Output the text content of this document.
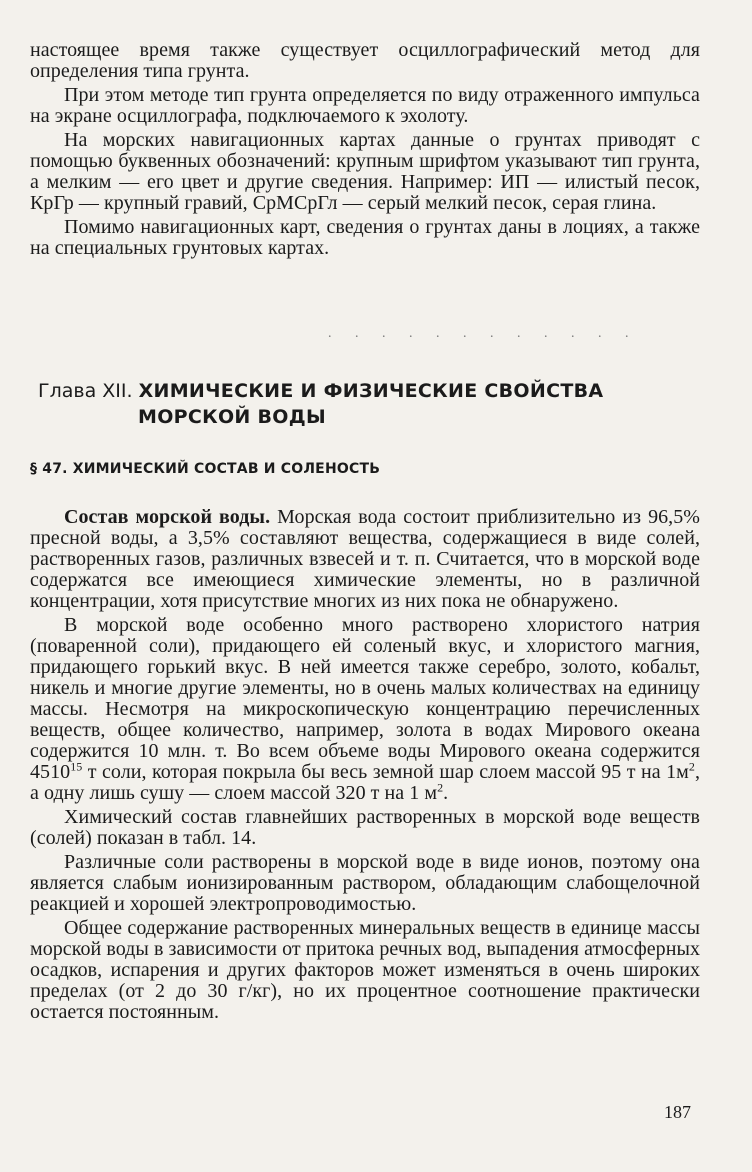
настоящее время также существует осциллографический метод для определения типа грунта.

При этом методе тип грунта определяется по виду отраженного импульса на экране осциллографа, подключаемого к эхолоту.

На морских навигационных картах данные о грунтах приводят с помощью буквенных обозначений: крупным шрифтом указывают тип грунта, а мелким — его цвет и другие сведения. Например: ИП — илистый песок, КрГр — крупный гравий, СрМСрГл — серый мелкий песок, серая глина.

Помимо навигационных карт, сведения о грунтах даны в лоциях, а также на специальных грунтовых картах.

. . . . . . . . . . . .
Глава XII. ХИМИЧЕСКИЕ И ФИЗИЧЕСКИЕ СВОЙСТВА
МОРСКОЙ ВОДЫ
§ 47. ХИМИЧЕСКИЙ СОСТАВ И СОЛЕНОСТЬ

Состав морской воды. Морская вода состоит приблизительно из 96,5% пресной воды, а 3,5% составляют вещества, содержащиеся в виде солей, растворенных газов, различных взвесей и т. п. Считается, что в морской воде содержатся все имеющиеся химические элементы, но в различной концентрации, хотя присутствие многих из них пока не обнаружено.

В морской воде особенно много растворено хлористого натрия (поваренной соли), придающего ей соленый вкус, и хлористого магния, придающего горький вкус. В ней имеется также серебро, золото, кобальт, никель и многие другие элементы, но в очень малых количествах на единицу массы. Несмотря на микроскопическую концентрацию перечисленных веществ, общее количество, например, золота в водах Мирового океана содержится 10 млн. т. Во всем объеме воды Мирового океана содержится 4510$^{15}$ т соли, которая покрыла бы весь земной шар слоем массой 95 т на $1м^2$, а одну лишь сушу — слоем массой 320 т на 1 $м^2$.

Химический состав главнейших растворенных в морской воде веществ (солей) показан в табл. 14.

Различные соли растворены в морской воде в виде ионов, поэтому она является слабым ионизированным раствором, обладающим слабощелочной реакцией и хорошей электропроводимостью.

Общее содержание растворенных минеральных веществ в единице массы морской воды в зависимости от притока речных вод, выпадения атмосферных осадков, испарения и других факторов может изменяться в очень широких пределах (от 2 до 30 г/кг), но их процентное соотношение практически остается постоянным.

187
